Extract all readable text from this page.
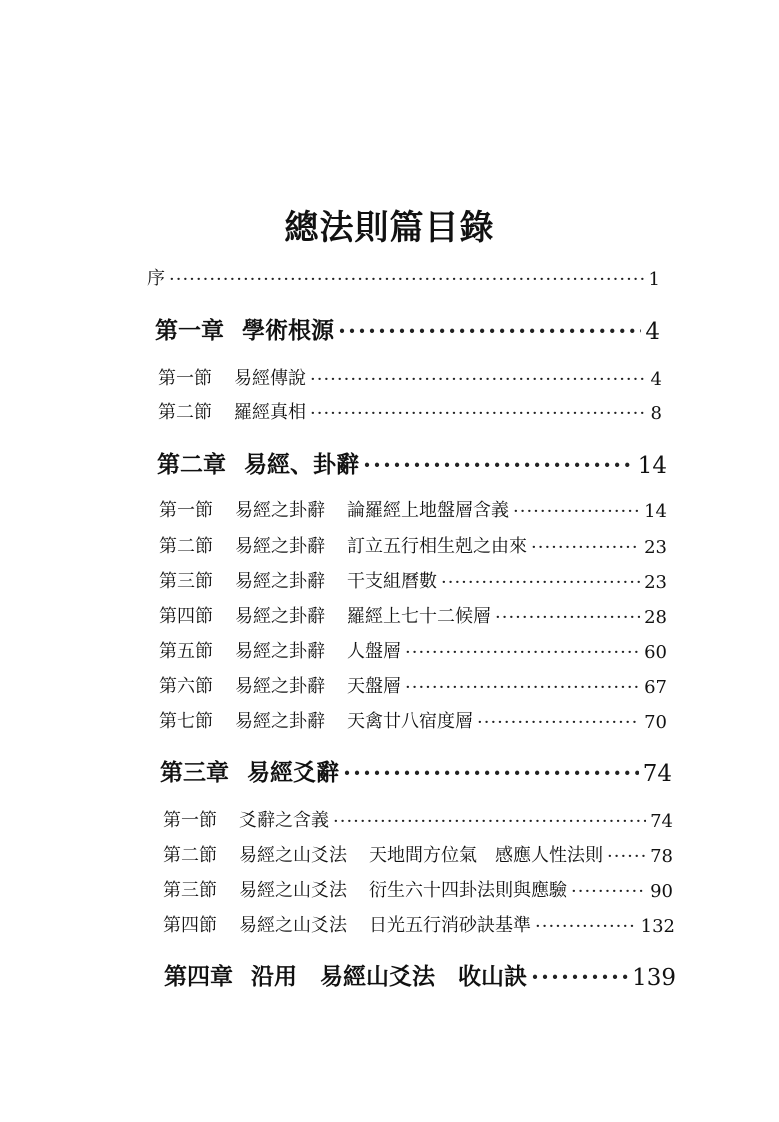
總法則篇目錄
序 ·····	1
第一章 學術根源 ·····	4
第一節 易經傳說 ·····	4
第二節 羅經真相 ·····	8
第二章 易經、卦辭 ·····	14
第一節 易經之卦辭 論羅經上地盤層含義 ·····	14
第二節 易經之卦辭 訂立五行相生剋之由來 ·····	23
第三節 易經之卦辭 干支組曆數 ·····	23
第四節 易經之卦辭 羅經上七十二候層 ·····	28
第五節 易經之卦辭 人盤層 ·····	60
第六節 易經之卦辭 天盤層 ·····	67
第七節 易經之卦辭 天禽廿八宿度層 ·····	70
第三章 易經爻辭 ·····	74
第一節 爻辭之含義 ·····	74
第二節 易經之山爻法 天地間方位氣　感應人性法則 ·····	78
第三節 易經之山爻法 衍生六十四卦法則與應驗 ·····	90
第四節 易經之山爻法 日光五行消砂訣基準 ·····	132
第四章 沿用　易經山爻法　收山訣 ·····	139
